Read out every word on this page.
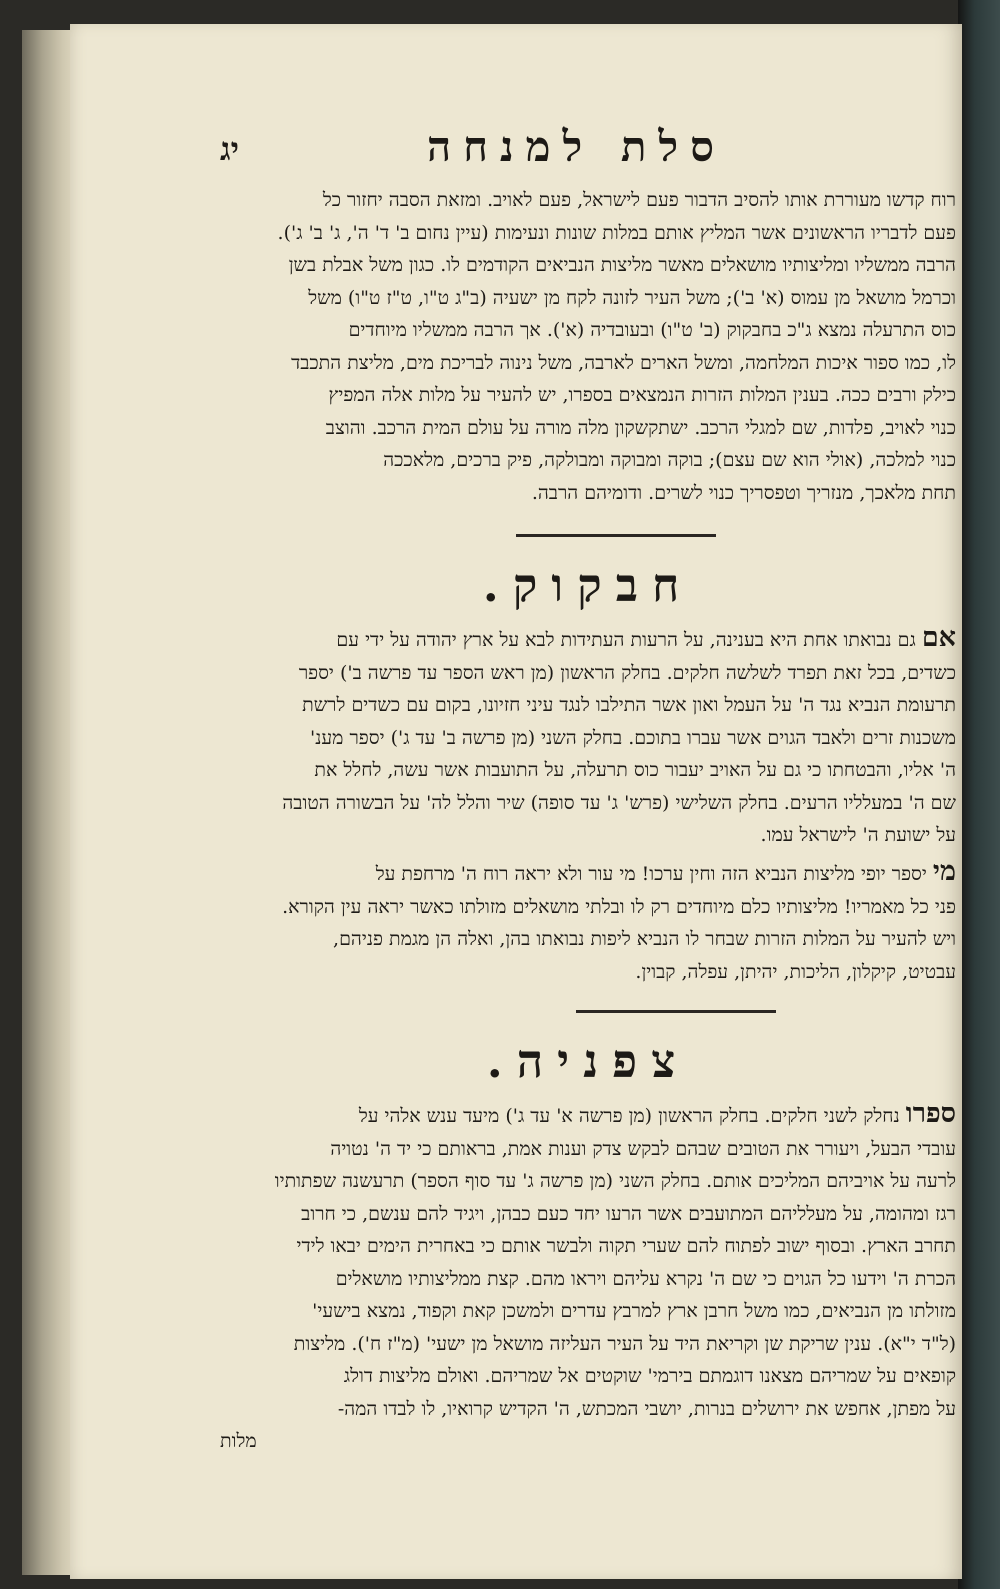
סלת למנחה
יג
רוח קדשו מעוררת אותו להסיב הדבור פעם לישראל, פעם לאויב. ומזאת הסבה יחזור כל
פעם לדבריו הראשונים אשר המליץ אותם במלות שונות ונעימות (עיין נחום ב' ד' ה', ג' ב' ג').
הרבה ממשליו ומליצותיו מושאלים מאשר מליצות הנביאים הקודמים לו. כגון משל אבלת בשן
וכרמל מושאל מן עמוס (א' ב'); משל העיר לזונה לקח מן ישעיה (ב"ג ט"ו, ט"ז ט"ו) משל
כוס התרעלה נמצא ג"כ בחבקוק (ב' ט"ו) ובעובדיה (א'). אך הרבה ממשליו מיוחדים
לו, כמו ספור איכות המלחמה, ומשל הארים לארבה, משל נינוה לבריכת מים, מליצת התכבד
כילק ורבים ככה. בענין המלות הזרות הנמצאים בספרו, יש להעיר על מלות אלה המפיץ
כנוי לאויב, פלדות, שם למגלי הרכב. ישתקשקון מלה מורה על עולם המית הרכב. והוצב
כנוי למלכה, (אולי הוא שם עצם); בוקה ומבוקה ומבולקה, פיק ברכים, מלאככה
תחת מלאכך, מנזריך וטפסריך כנוי לשרים. ודומיהם הרבה.
חבקוק.
אם גם נבואתו אחת היא בענינה, על הרעות העתידות לבא על ארץ יהודה על ידי עם
כשדים, בכל זאת תפרד לשלשה חלקים. בחלק הראשון (מן ראש הספר עד פרשה ב') יספר
תרעומת הנביא נגד ה' על העמל ואון אשר התילבו לנגד עיני חזיונו, בקום עם כשדים לרשת
משכנות זרים ולאבד הגוים אשר עברו בתוכם. בחלק השני (מן פרשה ב' עד ג') יספר מענ'
ה' אליו, והבטחתו כי גם על האויב יעבור כוס תרעלה, על התועבות אשר עשה, לחלל את
שם ה' במעלליו הרעים. בחלק השלישי (פרש' ג' עד סופה) שיר והלל לה' על הבשורה הטובה
על ישועת ה' לישראל עמו.
מי יספר יופי מליצות הנביא הזה וחין ערכו! מי עור ולא יראה רוח ה' מרחפת על
פני כל מאמריו! מליצותיו כלם מיוחדים רק לו ובלתי מושאלים מזולתו כאשר יראה עין הקורא.
ויש להעיר על המלות הזרות שבחר לו הנביא ליפות נבואתו בהן, ואלה הן מגמת פניהם,
עבטיט, קיקלון, הליכות, יהיתן, עפלה, קבוין.
צפניה.
ספרו נחלק לשני חלקים. בחלק הראשון (מן פרשה א' עד ג') מיעד ענש אלהי על
עובדי הבעל, ויעורר את הטובים שבהם לבקש צדק וענות אמת, בראותם כי יד ה' נטויה
לרעה על אויביהם המליכים אותם. בחלק השני (מן פרשה ג' עד סוף הספר) תרעשנה שפתותיו
רגז ומהומה, על מעלליהם המתועבים אשר הרעו יחד כעם כבהן, ויגיד להם ענשם, כי חרוב
תחרב הארץ. ובסוף ישוב לפתוח להם שערי תקוה ולבשר אותם כי באחרית הימים יבאו לידי
הכרת ה' וידעו כל הגוים כי שם ה' נקרא עליהם ויראו מהם. קצת ממליצותיו מושאלים
מזולתו מן הנביאים, כמו משל חרבן ארץ למרבץ עדרים ולמשכן קאת וקפוד, נמצא בישעי'
(ל"ד י"א). ענין שריקת שן וקריאת היד על העיר העליזה מושאל מן ישעי' (מ"ז ח'). מליצות
קופאים על שמריהם מצאנו דוגמתם בירמי' שוקטים אל שמריהם. ואולם מליצות דולג
על מפתן, אחפש את ירושלים בנרות, יושבי המכתש, ה' הקדיש קרואיו, לו לבדו המה-
מלות
